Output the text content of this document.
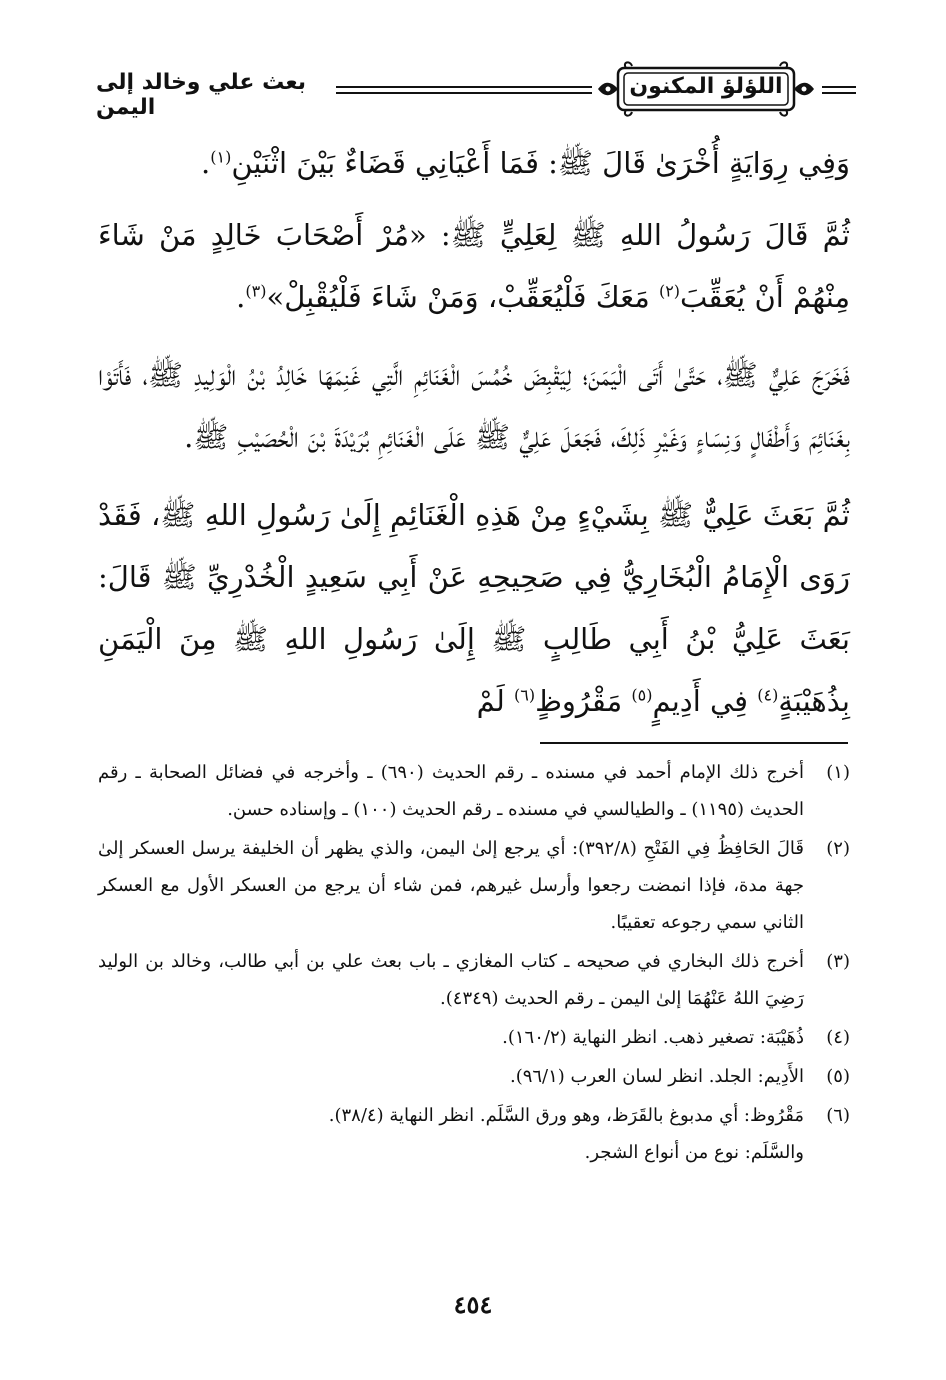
اللؤلؤ المكنون
بعث علي وخالد إلى اليمن

وَفِي رِوَايَةٍ أُخْرَىٰ قَالَ ﷺ: فَمَا أَعْيَانِي قَضَاءٌ بَيْنَ اثْنَيْنِ$^{(١)}$.

ثُمَّ قَالَ رَسُولُ اللهِ ﷺ لِعَلِيٍّ ﷺ: «مُرْ أَصْحَابَ خَالِدٍ مَنْ شَاءَ مِنْهُمْ أَنْ يُعَقِّبَ$^{(٢)}$ مَعَكَ فَلْيُعَقِّبْ، وَمَنْ شَاءَ فَلْيُقْبِلْ»$^{(٣)}$.

فَخَرَجَ عَلِيٌّ ﷺ، حَتَّىٰ أَتَى الْيَمَنَ؛ لِيَقْبِضَ خُمُسَ الْغَنَائِمِ الَّتِي غَنِمَهَا خَالِدُ بْنُ الْوَلِيدِ ﷺ، فَأَتَوْا بِغَنَائِمَ وَأَطْفَالٍ وَنِسَاءٍ وَغَيْرِ ذَلِكَ، فَجَعَلَ عَلِيٌّ ﷺ عَلَى الْغَنَائِمِ بُرَيْدَةَ بْنَ الْحُصَيْبِ ﷺ.

ثُمَّ بَعَثَ عَلِيٌّ ﷺ بِشَيْءٍ مِنْ هَذِهِ الْغَنَائِمِ إِلَىٰ رَسُولِ اللهِ ﷺ، فَقَدْ رَوَى الْإِمَامُ الْبُخَارِيُّ فِي صَحِيحِهِ عَنْ أَبِي سَعِيدٍ الْخُدْرِيِّ ﷺ قَالَ: بَعَثَ عَلِيُّ بْنُ أَبِي طَالِبٍ ﷺ إِلَىٰ رَسُولِ اللهِ ﷺ مِنَ الْيَمَنِ بِذُهَيْبَةٍ$^{(٤)}$ فِي أَدِيمٍ$^{(٥)}$ مَقْرُوظٍ$^{(٦)}$ لَمْ

(١)
أخرج ذلك الإمام أحمد في مسنده ـ رقم الحديث (٦٩٠) ـ وأخرجه في فضائل الصحابة ـ رقم الحديث (١١٩٥) ـ والطيالسي في مسنده ـ رقم الحديث (١٠٠) ـ وإسناده حسن.
(٢)
قَالَ الحَافِظُ فِي الفَتْحِ (٣٩٢/٨): أي يرجع إلىٰ اليمن، والذي يظهر أن الخليفة يرسل العسكر إلىٰ جهة مدة، فإذا انمضت رجعوا وأرسل غيرهم، فمن شاء أن يرجع من العسكر الأول مع العسكر الثاني سمي رجوعه تعقيبًا.
(٣)
أخرج ذلك البخاري في صحيحه ـ كتاب المغازي ـ باب بعث علي بن أبي طالب، وخالد بن الوليد رَضِيَ اللهُ عَنْهُمَا إلىٰ اليمن ـ رقم الحديث (٤٣٤٩).
(٤)
ذُهَيْبَة: تصغير ذهب. انظر النهاية (١٦٠/٢).
(٥)
الأَدِيم: الجلد. انظر لسان العرب (٩٦/١).
(٦)
مَقْرُوظ: أي مدبوغ بالقَرَظ، وهو ورق السَّلَم. انظر النهاية (٣٨/٤).
والسَّلَم: نوع من أنواع الشجر.
٤٥٤
